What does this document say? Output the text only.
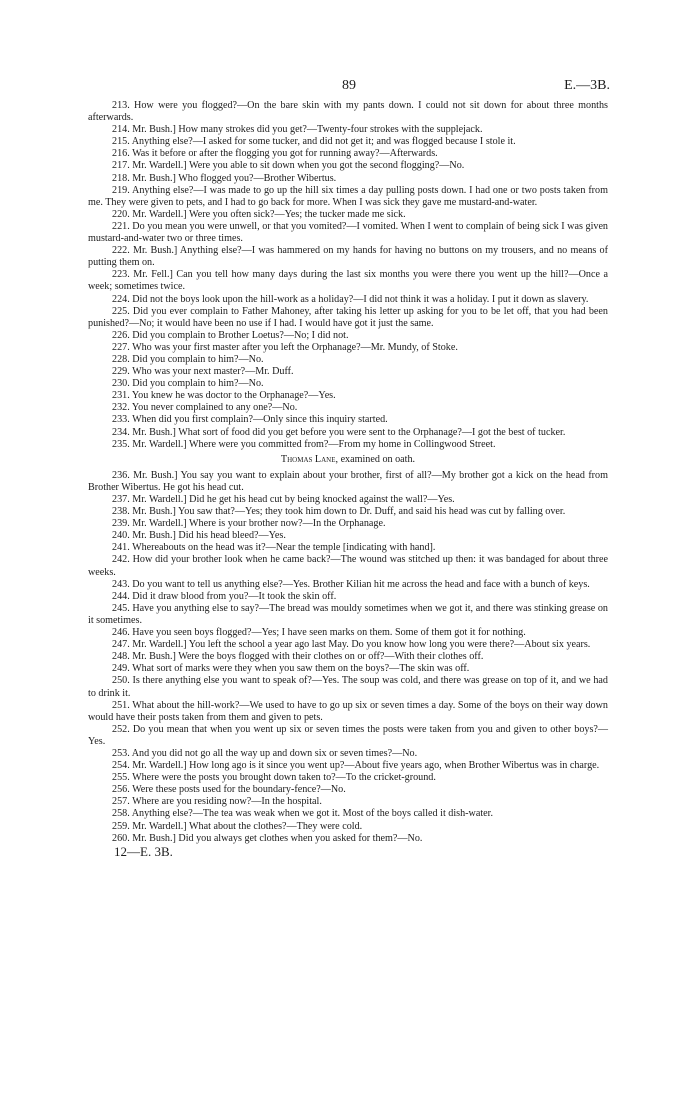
89	E.—3B.

213. How were you flogged?—On the bare skin with my pants down. I could not sit down for about three months afterwards.

214. Mr. Bush.] How many strokes did you get?—Twenty-four strokes with the supplejack.

215. Anything else?—I asked for some tucker, and did not get it; and was flogged because I stole it.

216. Was it before or after the flogging you got for running away?—Afterwards.

217. Mr. Wardell.] Were you able to sit down when you got the second flogging?—No.

218. Mr. Bush.] Who flogged you?—Brother Wibertus.

219. Anything else?—I was made to go up the hill six times a day pulling posts down. I had one or two posts taken from me. They were given to pets, and I had to go back for more. When I was sick they gave me mustard-and-water.

220. Mr. Wardell.] Were you often sick?—Yes; the tucker made me sick.

221. Do you mean you were unwell, or that you vomited?—I vomited. When I went to complain of being sick I was given mustard-and-water two or three times.

222. Mr. Bush.] Anything else?—I was hammered on my hands for having no buttons on my trousers, and no means of putting them on.

223. Mr. Fell.] Can you tell how many days during the last six months you were there you went up the hill?—Once a week; sometimes twice.

224. Did not the boys look upon the hill-work as a holiday?—I did not think it was a holiday. I put it down as slavery.

225. Did you ever complain to Father Mahoney, after taking his letter up asking for you to be let off, that you had been punished?—No; it would have been no use if I had. I would have got it just the same.

226. Did you complain to Brother Loetus?—No; I did not.

227. Who was your first master after you left the Orphanage?—Mr. Mundy, of Stoke.

228. Did you complain to him?—No.

229. Who was your next master?—Mr. Duff.

230. Did you complain to him?—No.

231. You knew he was doctor to the Orphanage?—Yes.

232. You never complained to any one?—No.

233. When did you first complain?—Only since this inquiry started.

234. Mr. Bush.] What sort of food did you get before you were sent to the Orphanage?—I got the best of tucker.

235. Mr. Wardell.] Where were you committed from?—From my home in Collingwood Street.

Thomas Lane, examined on oath.

236. Mr. Bush.] You say you want to explain about your brother, first of all?—My brother got a kick on the head from Brother Wibertus. He got his head cut.

237. Mr. Wardell.] Did he get his head cut by being knocked against the wall?—Yes.

238. Mr. Bush.] You saw that?—Yes; they took him down to Dr. Duff, and said his head was cut by falling over.

239. Mr. Wardell.] Where is your brother now?—In the Orphanage.

240. Mr. Bush.] Did his head bleed?—Yes.

241. Whereabouts on the head was it?—Near the temple [indicating with hand].

242. How did your brother look when he came back?—The wound was stitched up then: it was bandaged for about three weeks.

243. Do you want to tell us anything else?—Yes. Brother Kilian hit me across the head and face with a bunch of keys.

244. Did it draw blood from you?—It took the skin off.

245. Have you anything else to say?—The bread was mouldy sometimes when we got it, and there was stinking grease on it sometimes.

246. Have you seen boys flogged?—Yes; I have seen marks on them. Some of them got it for nothing.

247. Mr. Wardell.] You left the school a year ago last May. Do you know how long you were there?—About six years.

248. Mr. Bush.] Were the boys flogged with their clothes on or off?—With their clothes off.

249. What sort of marks were they when you saw them on the boys?—The skin was off.

250. Is there anything else you want to speak of?—Yes. The soup was cold, and there was grease on top of it, and we had to drink it.

251. What about the hill-work?—We used to have to go up six or seven times a day. Some of the boys on their way down would have their posts taken from them and given to pets.

252. Do you mean that when you went up six or seven times the posts were taken from you and given to other boys?—Yes.

253. And you did not go all the way up and down six or seven times?—No.

254. Mr. Wardell.] How long ago is it since you went up?—About five years ago, when Brother Wibertus was in charge.

255. Where were the posts you brought down taken to?—To the cricket-ground.

256. Were these posts used for the boundary-fence?—No.

257. Where are you residing now?—In the hospital.

258. Anything else?—The tea was weak when we got it. Most of the boys called it dish-water.

259. Mr. Wardell.] What about the clothes?—They were cold.

260. Mr. Bush.] Did you always get clothes when you asked for them?—No.

12—E. 3B.
